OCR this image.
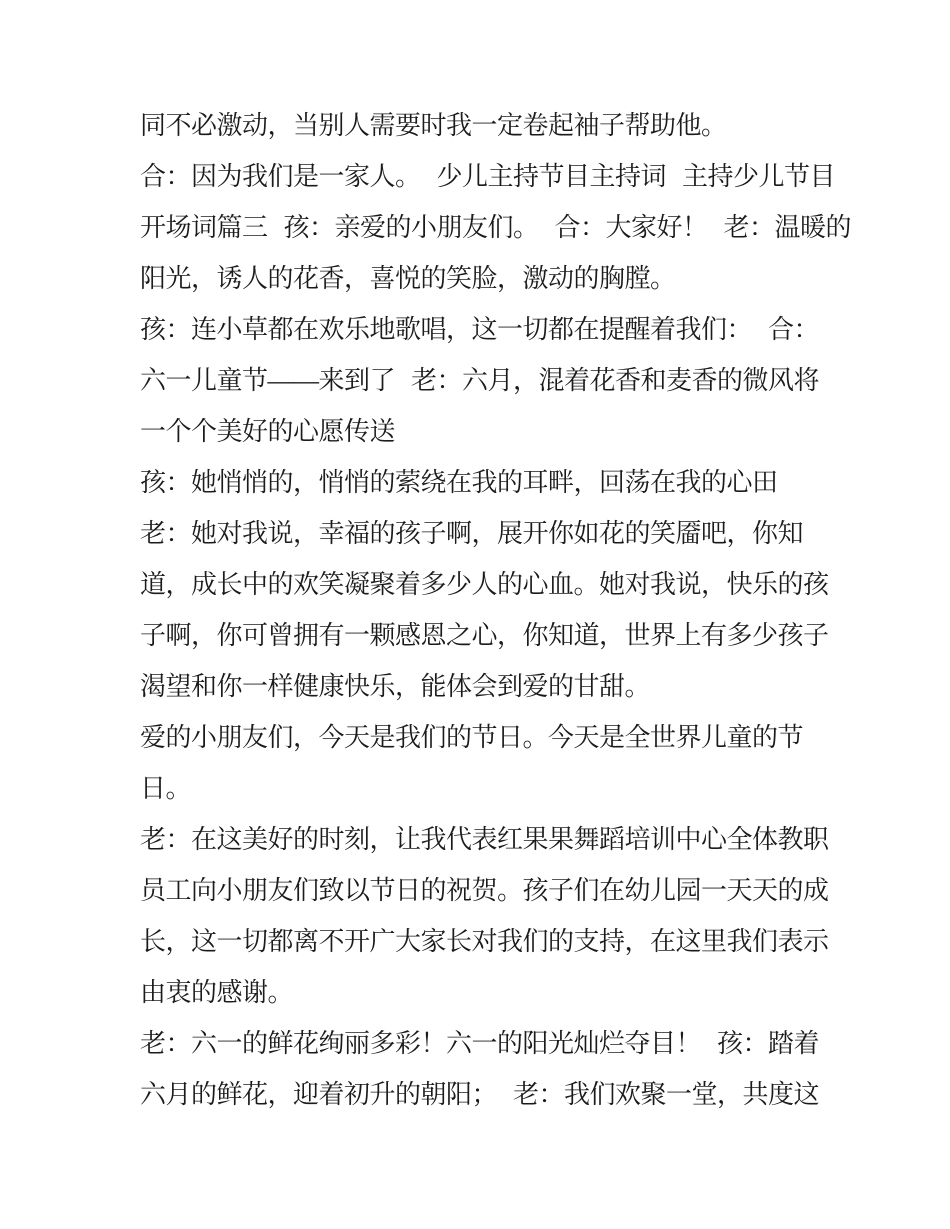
同不必激动，当别人需要时我一定卷起袖子帮助他。

合：因为我们是一家人。 少儿主持节目主持词 主持少儿节目

开场词篇三 孩：亲爱的小朋友们。 合：大家好！ 老：温暖的

阳光，诱人的花香，喜悦的笑脸，激动的胸膛。

孩：连小草都在欢乐地歌唱，这一切都在提醒着我们： 合：

六一儿童节——来到了 老：六月，混着花香和麦香的微风将

一个个美好的心愿传送

孩：她悄悄的，悄悄的萦绕在我的耳畔，回荡在我的心田

老：她对我说，幸福的孩子啊，展开你如花的笑靥吧，你知

道，成长中的欢笑凝聚着多少人的心血。她对我说，快乐的孩

子啊，你可曾拥有一颗感恩之心，你知道，世界上有多少孩子

渴望和你一样健康快乐，能体会到爱的甘甜。

爱的小朋友们，今天是我们的节日。今天是全世界儿童的节

日。

老：在这美好的时刻，让我代表红果果舞蹈培训中心全体教职

员工向小朋友们致以节日的祝贺。孩子们在幼儿园一天天的成

长，这一切都离不开广大家长对我们的支持，在这里我们表示

由衷的感谢。

老：六一的鲜花绚丽多彩！六一的阳光灿烂夺目！ 孩：踏着

六月的鲜花，迎着初升的朝阳； 老：我们欢聚一堂，共度这
